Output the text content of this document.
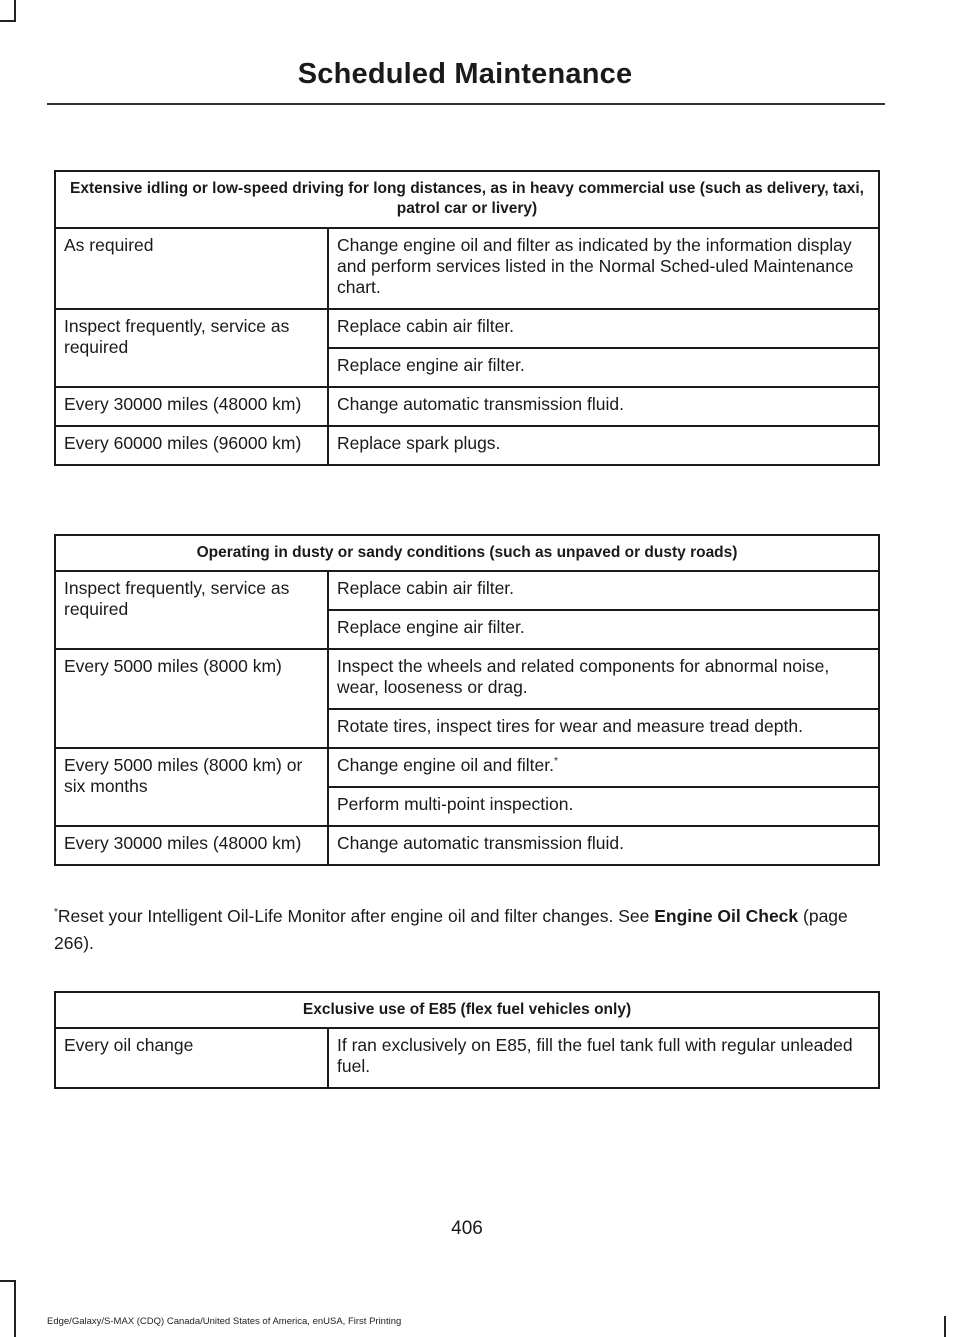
Scheduled Maintenance
Extensive idling or low-speed driving for long distances, as in heavy commercial use (such as delivery, taxi, patrol car or livery)	
As required	Change engine oil and filter as indicated by the information display and perform services listed in the Normal Sched-uled Maintenance chart.
Inspect frequently, service as required	Replace cabin air filter.
	Replace engine air filter.
Every 30000 miles (48000 km)	Change automatic transmission fluid.
Every 60000 miles (96000 km)	Replace spark plugs.
Operating in dusty or sandy conditions (such as unpaved or dusty roads)	
Inspect frequently, service as required	Replace cabin air filter.
	Replace engine air filter.
Every 5000 miles (8000 km)	Inspect the wheels and related components for abnormal noise, wear, looseness or drag.
	Rotate tires, inspect tires for wear and measure tread depth.
Every 5000 miles (8000 km) or six months	Change engine oil and filter.*
	Perform multi-point inspection.
Every 30000 miles (48000 km)	Change automatic transmission fluid.
*Reset your Intelligent Oil-Life Monitor after engine oil and filter changes. See Engine Oil Check (page 266).
Exclusive use of E85 (flex fuel vehicles only)
Every oil change	If ran exclusively on E85, fill the fuel tank full with regular unleaded fuel.
406
Edge/Galaxy/S-MAX (CDQ) Canada/United States of America, enUSA, First Printing
